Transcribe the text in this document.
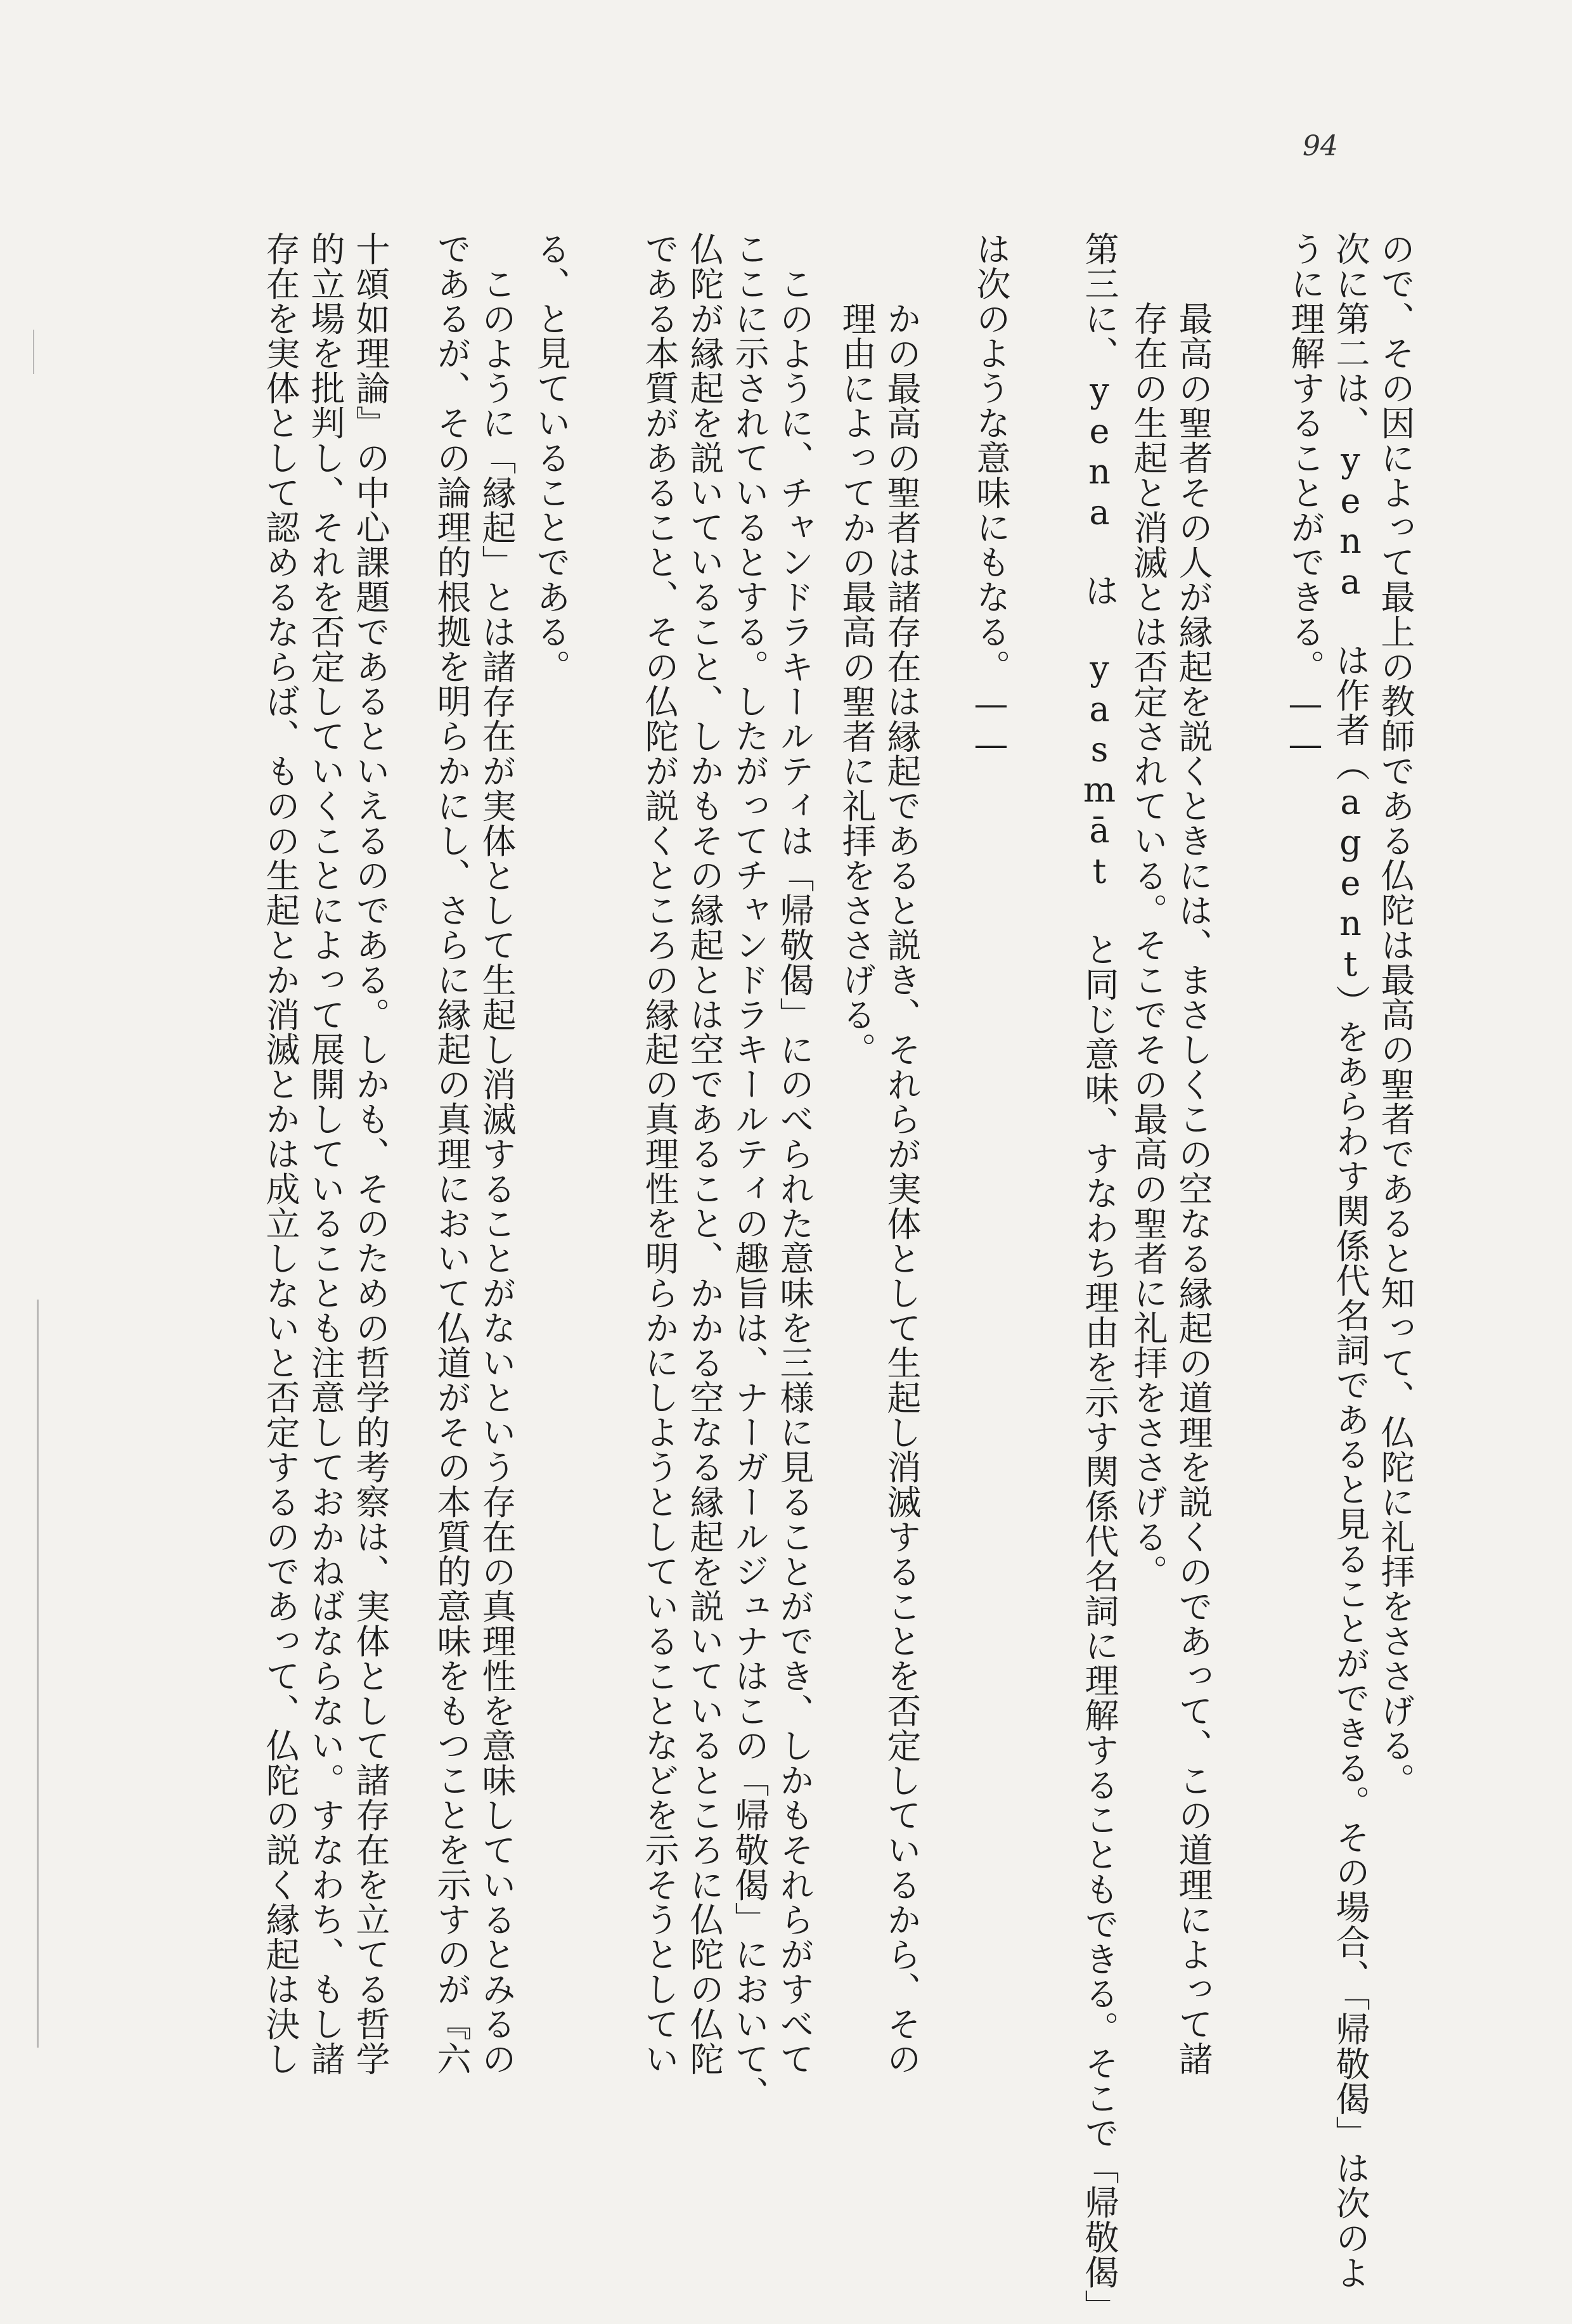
94
ので、その因によって最上の教師である仏陀は最高の聖者であると知って、仏陀に礼拝をささげる。
次に第二は、yena は作者（agent）をあらわす関係代名詞であると見ることができる。その場合、「帰敬偈」は次のよ
うに理解することができる。——
最高の聖者その人が縁起を説くときには、まさしくこの空なる縁起の道理を説くのであって、この道理によって諸
存在の生起と消滅とは否定されている。そこでその最高の聖者に礼拝をささげる。
第三に、yena は yasmāt と同じ意味、すなわち理由を示す関係代名詞に理解することもできる。そこで「帰敬偈」
は次のような意味にもなる。——
かの最高の聖者は諸存在は縁起であると説き、それらが実体として生起し消滅することを否定しているから、その
理由によってかの最高の聖者に礼拝をささげる。
このように、チャンドラキールティは「帰敬偈」にのべられた意味を三様に見ることができ、しかもそれらがすべて
ここに示されているとする。したがってチャンドラキールティの趣旨は、ナーガールジュナはこの「帰敬偈」において、
仏陀が縁起を説いていること、しかもその縁起とは空であること、かかる空なる縁起を説いているところに仏陀の仏陀
である本質があること、その仏陀が説くところの縁起の真理性を明らかにしようとしていることなどを示そうとしてい
る、と見ていることである。
このように「縁起」とは諸存在が実体として生起し消滅することがないという存在の真理性を意味しているとみるの
であるが、その論理的根拠を明らかにし、さらに縁起の真理において仏道がその本質的意味をもつことを示すのが『六
十頌如理論』の中心課題であるといえるのである。しかも、そのための哲学的考察は、実体として諸存在を立てる哲学
的立場を批判し、それを否定していくことによって展開していることも注意しておかねばならない。すなわち、もし諸
存在を実体として認めるならば、ものの生起とか消滅とかは成立しないと否定するのであって、仏陀の説く縁起は決し
